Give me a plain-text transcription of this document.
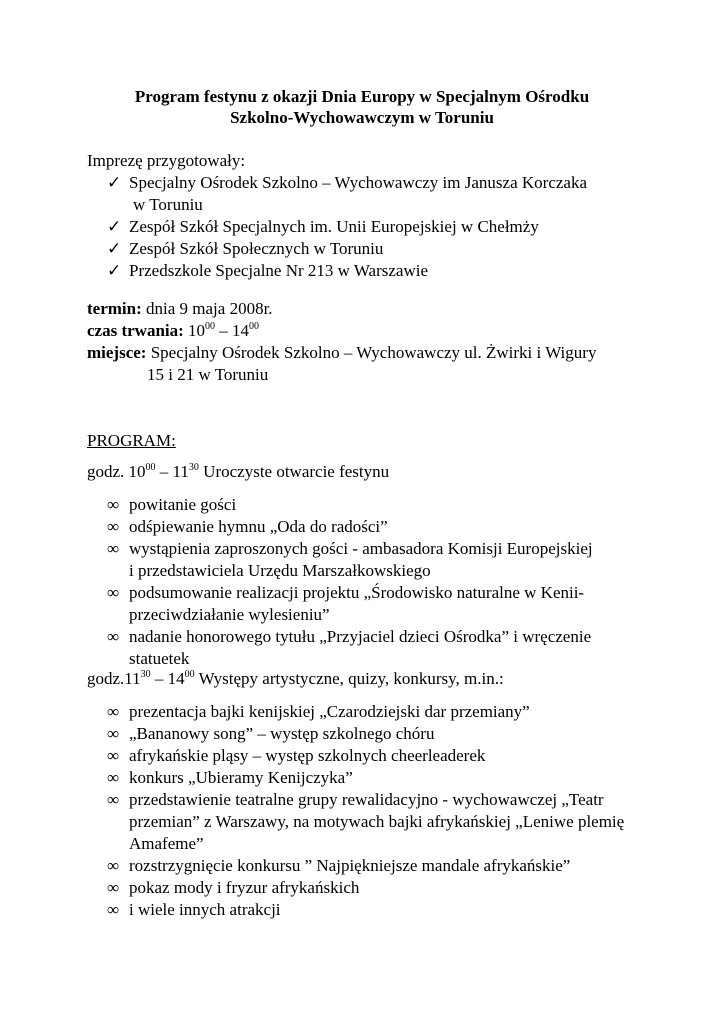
Program festynu z okazji Dnia Europy w Specjalnym Ośrodku
Szkolno-Wychowawczym w Toruniu
Imprezę przygotowały:
✓ Specjalny Ośrodek Szkolno – Wychowawczy im Janusza Korczaka
w Toruniu
✓ Zespół Szkół Specjalnych im. Unii Europejskiej w Chełmży
✓ Zespół Szkół Społecznych w Toruniu
✓ Przedszkole Specjalne Nr 213 w Warszawie
termin: dnia 9 maja 2008r.
czas trwania: $10^{00} - 14^{00}$
miejsce: Specjalny Ośrodek Szkolno – Wychowawczy ul. Żwirki i Wigury
15 i 21 w Toruniu
PROGRAM:
godz. $10^{00} - 11^{30}$ Uroczyste otwarcie festynu
∞ powitanie gości
∞ odśpiewanie hymnu „Oda do radości”
∞ wystąpienia zaproszonych gości - ambasadora Komisji Europejskiej
i przedstawiciela Urzędu Marszałkowskiego
∞ podsumowanie realizacji projektu „Środowisko naturalne w Kenii-
przeciwdziałanie wylesieniu”
∞ nadanie honorowego tytułu „Przyjaciel dzieci Ośrodka” i wręczenie
statuetek
$godz.11^{30} - 14^{00}$ Występy artystyczne, quizy, konkursy, m.in.:
∞ prezentacja bajki kenijskiej „Czarodziejski dar przemiany”
∞ „Bananowy song” – występ szkolnego chóru
∞ afrykańskie pląsy – występ szkolnych cheerleaderek
∞ konkurs „Ubieramy Kenijczyka”
∞ przedstawienie teatralne grupy rewalidacyjno - wychowawczej „Teatr
przemian” z Warszawy, na motywach bajki afrykańskiej „Leniwe plemię
Amafeme”
∞ rozstrzygnięcie konkursu ” Najpiękniejsze mandale afrykańskie”
∞ pokaz mody i fryzur afrykańskich
∞ i wiele innych atrakcji
